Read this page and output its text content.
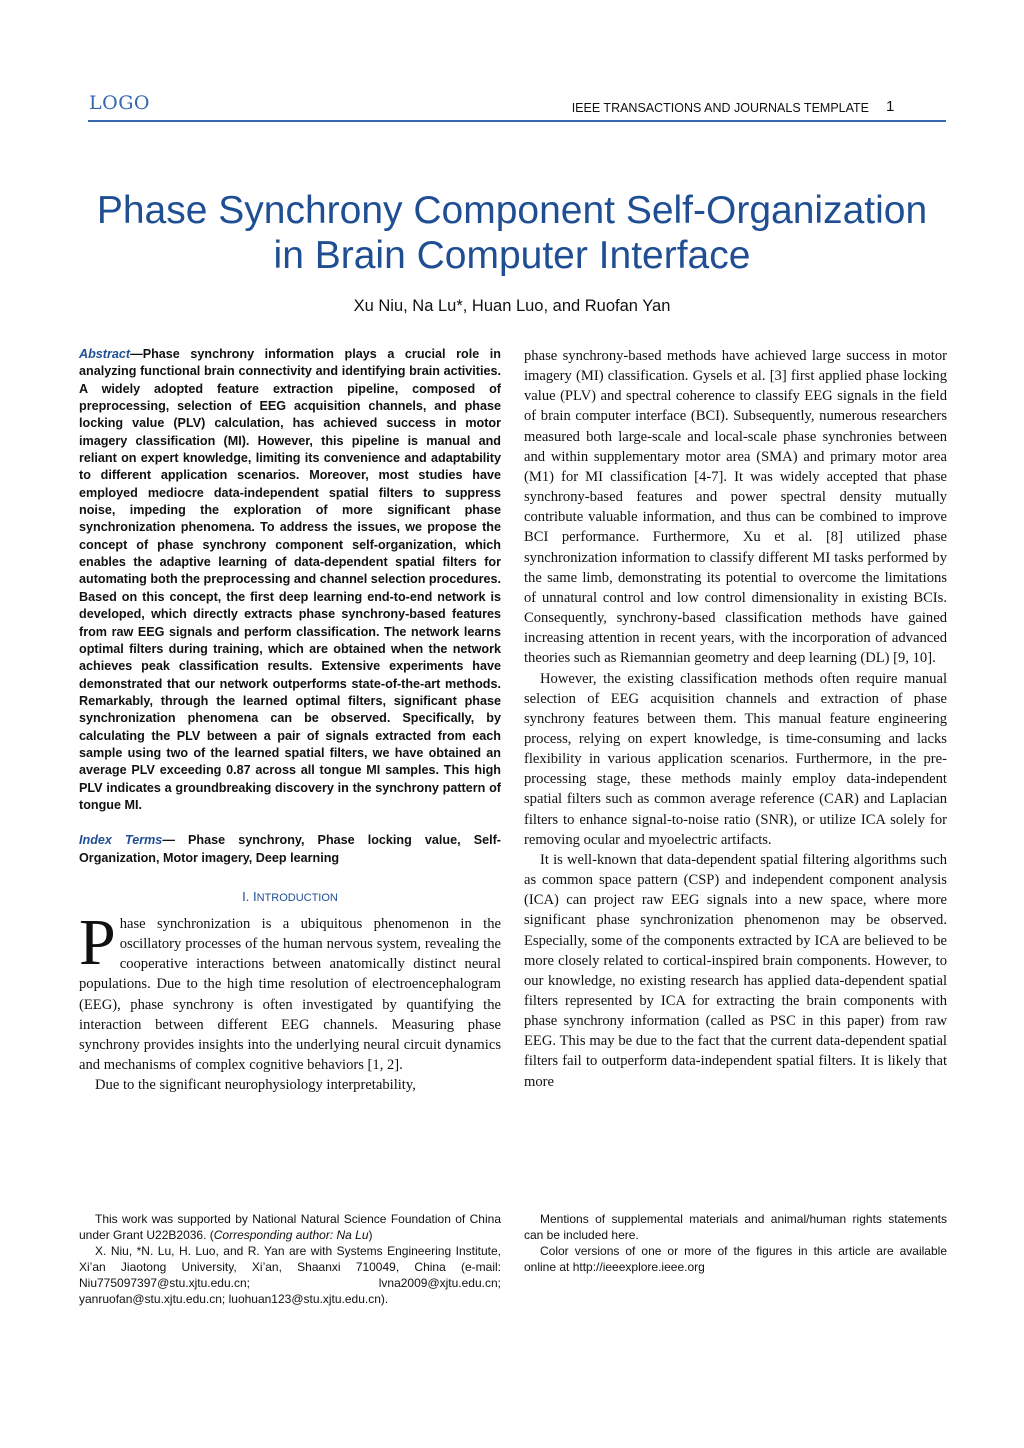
LOGO	IEEE TRANSACTIONS AND JOURNALS TEMPLATE 1
Phase Synchrony Component Self-Organization
in Brain Computer Interface
Xu Niu, Na Lu*, Huan Luo, and Ruofan Yan

Abstract—Phase synchrony information plays a crucial role in analyzing functional brain connectivity and identifying brain activities. A widely adopted feature extraction pipeline, composed of preprocessing, selection of EEG acquisition channels, and phase locking value (PLV) calculation, has achieved success in motor imagery classification (MI). However, this pipeline is manual and reliant on expert knowledge, limiting its convenience and adaptability to different application scenarios. Moreover, most studies have employed mediocre data-independent spatial filters to suppress noise, impeding the exploration of more significant phase synchronization phenomena. To address the issues, we propose the concept of phase synchrony component self-organization, which enables the adaptive learning of data-dependent spatial filters for automating both the preprocessing and channel selection procedures. Based on this concept, the first deep learning end-to-end network is developed, which directly extracts phase synchrony-based features from raw EEG signals and perform classification. The network learns optimal filters during training, which are obtained when the network achieves peak classification results. Extensive experiments have demonstrated that our network outperforms state-of-the-art methods. Remarkably, through the learned optimal filters, significant phase synchronization phenomena can be observed. Specifically, by calculating the PLV between a pair of signals extracted from each sample using two of the learned spatial filters, we have obtained an average PLV exceeding 0.87 across all tongue MI samples. This high PLV indicates a groundbreaking discovery in the synchrony pattern of tongue MI.

Index Terms— Phase synchrony, Phase locking value, Self-Organization, Motor imagery, Deep learning

I. INTRODUCTION

Phase synchronization is a ubiquitous phenomenon in the oscillatory processes of the human nervous system, revealing the cooperative interactions between anatomically distinct neural populations. Due to the high time resolution of electroencephalogram (EEG), phase synchrony is often investigated by quantifying the interaction between different EEG channels. Measuring phase synchrony provides insights into the underlying neural circuit dynamics and mechanisms of complex cognitive behaviors [1, 2].

Due to the significant neurophysiology interpretability,

phase synchrony-based methods have achieved large success in motor imagery (MI) classification. Gysels et al. [3] first applied phase locking value (PLV) and spectral coherence to classify EEG signals in the field of brain computer interface (BCI). Subsequently, numerous researchers measured both large-scale and local-scale phase synchronies between and within supplementary motor area (SMA) and primary motor area (M1) for MI classification [4-7]. It was widely accepted that phase synchrony-based features and power spectral density mutually contribute valuable information, and thus can be combined to improve BCI performance. Furthermore, Xu et al. [8] utilized phase synchronization information to classify different MI tasks performed by the same limb, demonstrating its potential to overcome the limitations of unnatural control and low control dimensionality in existing BCIs. Consequently, synchrony-based classification methods have gained increasing attention in recent years, with the incorporation of advanced theories such as Riemannian geometry and deep learning (DL) [9, 10].

However, the existing classification methods often require manual selection of EEG acquisition channels and extraction of phase synchrony features between them. This manual feature engineering process, relying on expert knowledge, is time-consuming and lacks flexibility in various application scenarios. Furthermore, in the pre-processing stage, these methods mainly employ data-independent spatial filters such as common average reference (CAR) and Laplacian filters to enhance signal-to-noise ratio (SNR), or utilize ICA solely for removing ocular and myoelectric artifacts.

It is well-known that data-dependent spatial filtering algorithms such as common space pattern (CSP) and independent component analysis (ICA) can project raw EEG signals into a new space, where more significant phase synchronization phenomenon may be observed. Especially, some of the components extracted by ICA are believed to be more closely related to cortical-inspired brain components. However, to our knowledge, no existing research has applied data-dependent spatial filters represented by ICA for extracting the brain components with phase synchrony information (called as PSC in this paper) from raw EEG. This may be due to the fact that the current data-dependent spatial filters fail to outperform data-independent spatial filters. It is likely that more

This work was supported by National Natural Science Foundation of China under Grant U22B2036. (Corresponding author: Na Lu)

X. Niu, *N. Lu, H. Luo, and R. Yan are with Systems Engineering Institute, Xi’an Jiaotong University, Xi’an, Shaanxi 710049, China (e-mail: Niu775097397@stu.xjtu.edu.cn; lvna2009@xjtu.edu.cn; yanruofan@stu.xjtu.edu.cn; luohuan123@stu.xjtu.edu.cn).

Mentions of supplemental materials and animal/human rights statements can be included here.

Color versions of one or more of the figures in this article are available online at http://ieeexplore.ieee.org
